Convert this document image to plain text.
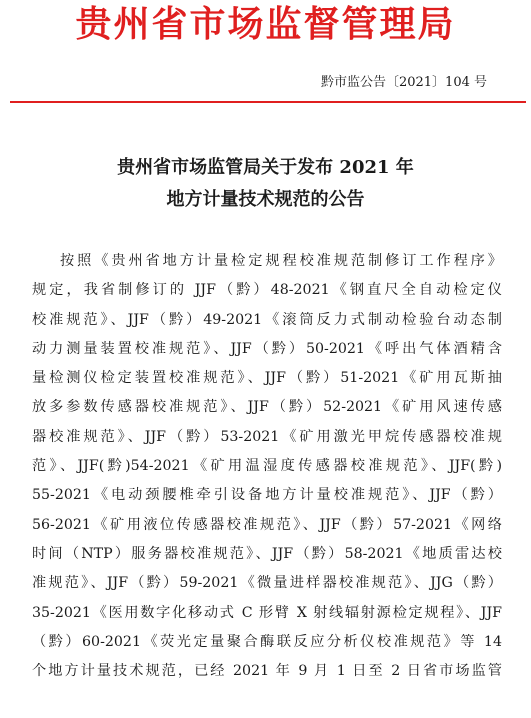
贵州省市场监督管理局
黔市监公告〔2021〕104 号
贵州省市场监管局关于发布 2021 年
地方计量技术规范的公告
按照《贵州省地方计量检定规程校准规范制修订工作程序》
规定，我省制修订的 JJF（黔）48-2021《钢直尺全自动检定仪
校准规范》、JJF（黔）49-2021《滚筒反力式制动检验台动态制
动力测量装置校准规范》、JJF（黔）50-2021《呼出气体酒精含
量检测仪检定装置校准规范》、JJF（黔）51-2021《矿用瓦斯抽
放多参数传感器校准规范》、JJF（黔）52-2021《矿用风速传感
器校准规范》、JJF（黔）53-2021《矿用激光甲烷传感器校准规
范》、JJF(黔)54-2021《矿用温湿度传感器校准规范》、JJF(黔)
55-2021《电动颈腰椎牵引设备地方计量校准规范》、JJF（黔）
56-2021《矿用液位传感器校准规范》、JJF（黔）57-2021《网络
时间（NTP）服务器校准规范》、JJF（黔）58-2021《地质雷达校
准规范》、JJF（黔）59-2021《微量进样器校准规范》、JJG（黔）
35-2021《医用数字化移动式 C 形臂 X 射线辐射源检定规程》、JJF
（黔）60-2021《荧光定量聚合酶联反应分析仪校准规范》等 14
个地方计量技术规范，已经 2021 年 9 月 1 日至 2 日省市场监管
